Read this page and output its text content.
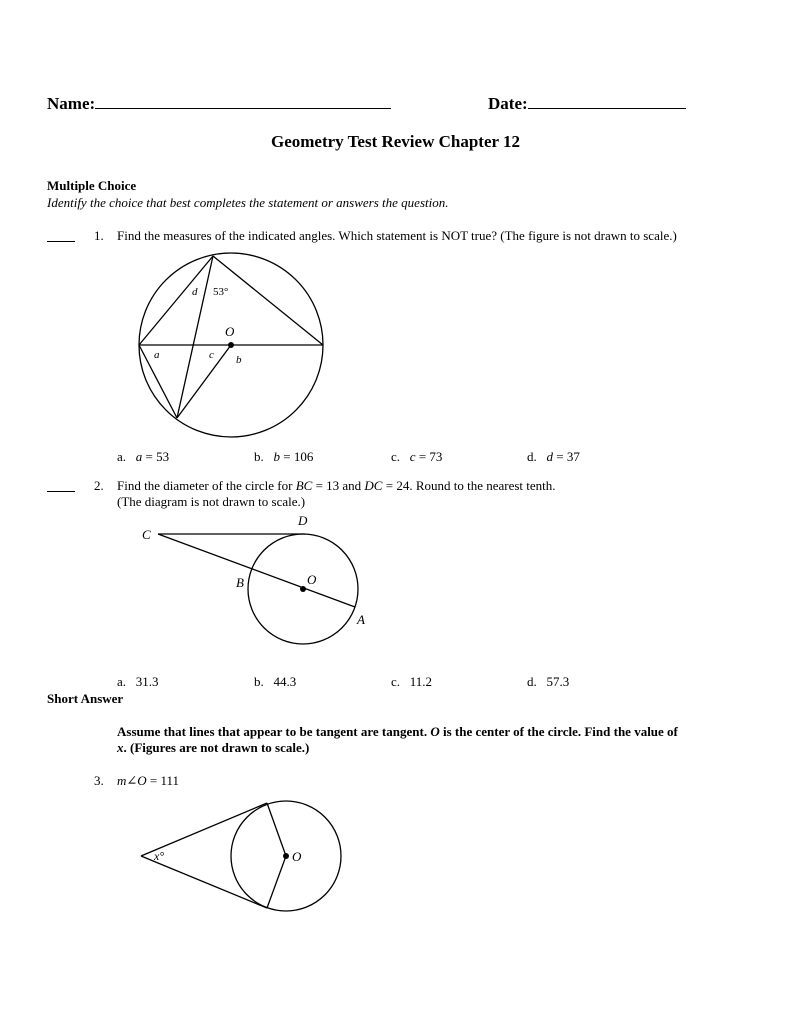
Name:	Date:
Geometry Test Review Chapter 12
Multiple Choice
Identify the choice that best completes the statement or answers the question.
1. Find the measures of the indicated angles. Which statement is NOT true? (The figure is not drawn to scale.)
d 53°
O
a	c b
a. a = 53	b. b = 106	c. c = 73	d. d = 37
2. Find the diameter of the circle for BC = 13 and DC = 24. Round to the nearest tenth.
(The diagram is not drawn to scale.)
C
D
B	O
A
a. 31.3	b. 44.3	c. 11.2	d. 57.3
Short Answer
Assume that lines that appear to be tangent are tangent. O is the center of the circle. Find the value of
x. (Figures are not drawn to scale.)
3. m∠O = 111
x°	O
